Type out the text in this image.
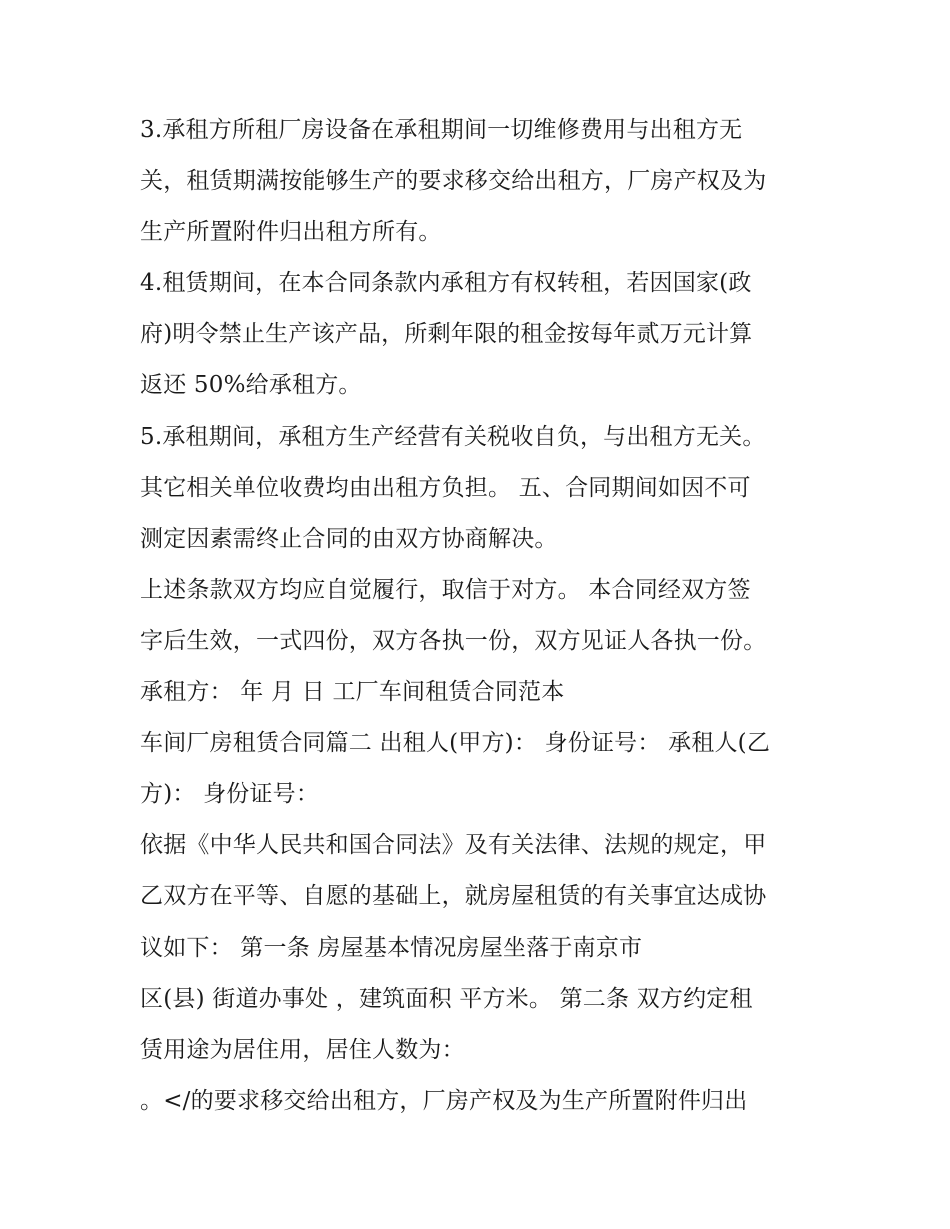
3.承租方所租厂房设备在承租期间一切维修费用与出租方无
关，租赁期满按能够生产的要求移交给出租方，厂房产权及为
生产所置附件归出租方所有。
4.租赁期间，在本合同条款内承租方有权转租，若因国家(政
府)明令禁止生产该产品，所剩年限的租金按每年贰万元计算
返还 50%给承租方。
5.承租期间，承租方生产经营有关税收自负，与出租方无关。
其它相关单位收费均由出租方负担。 五、合同期间如因不可
测定因素需终止合同的由双方协商解决。
上述条款双方均应自觉履行，取信于对方。 本合同经双方签
字后生效，一式四份，双方各执一份，双方见证人各执一份。
承租方： 年 月 日 工厂车间租赁合同范本
车间厂房租赁合同篇二 出租人(甲方)： 身份证号： 承租人(乙
方)： 身份证号：
依据《中华人民共和国合同法》及有关法律、法规的规定，甲
乙双方在平等、自愿的基础上，就房屋租赁的有关事宜达成协
议如下： 第一条 房屋基本情况房屋坐落于南京市
区(县) 街道办事处 ，建筑面积 平方米。 第二条 双方约定租
赁用途为居住用，居住人数为：
。</的要求移交给出租方，厂房产权及为生产所置附件归出
